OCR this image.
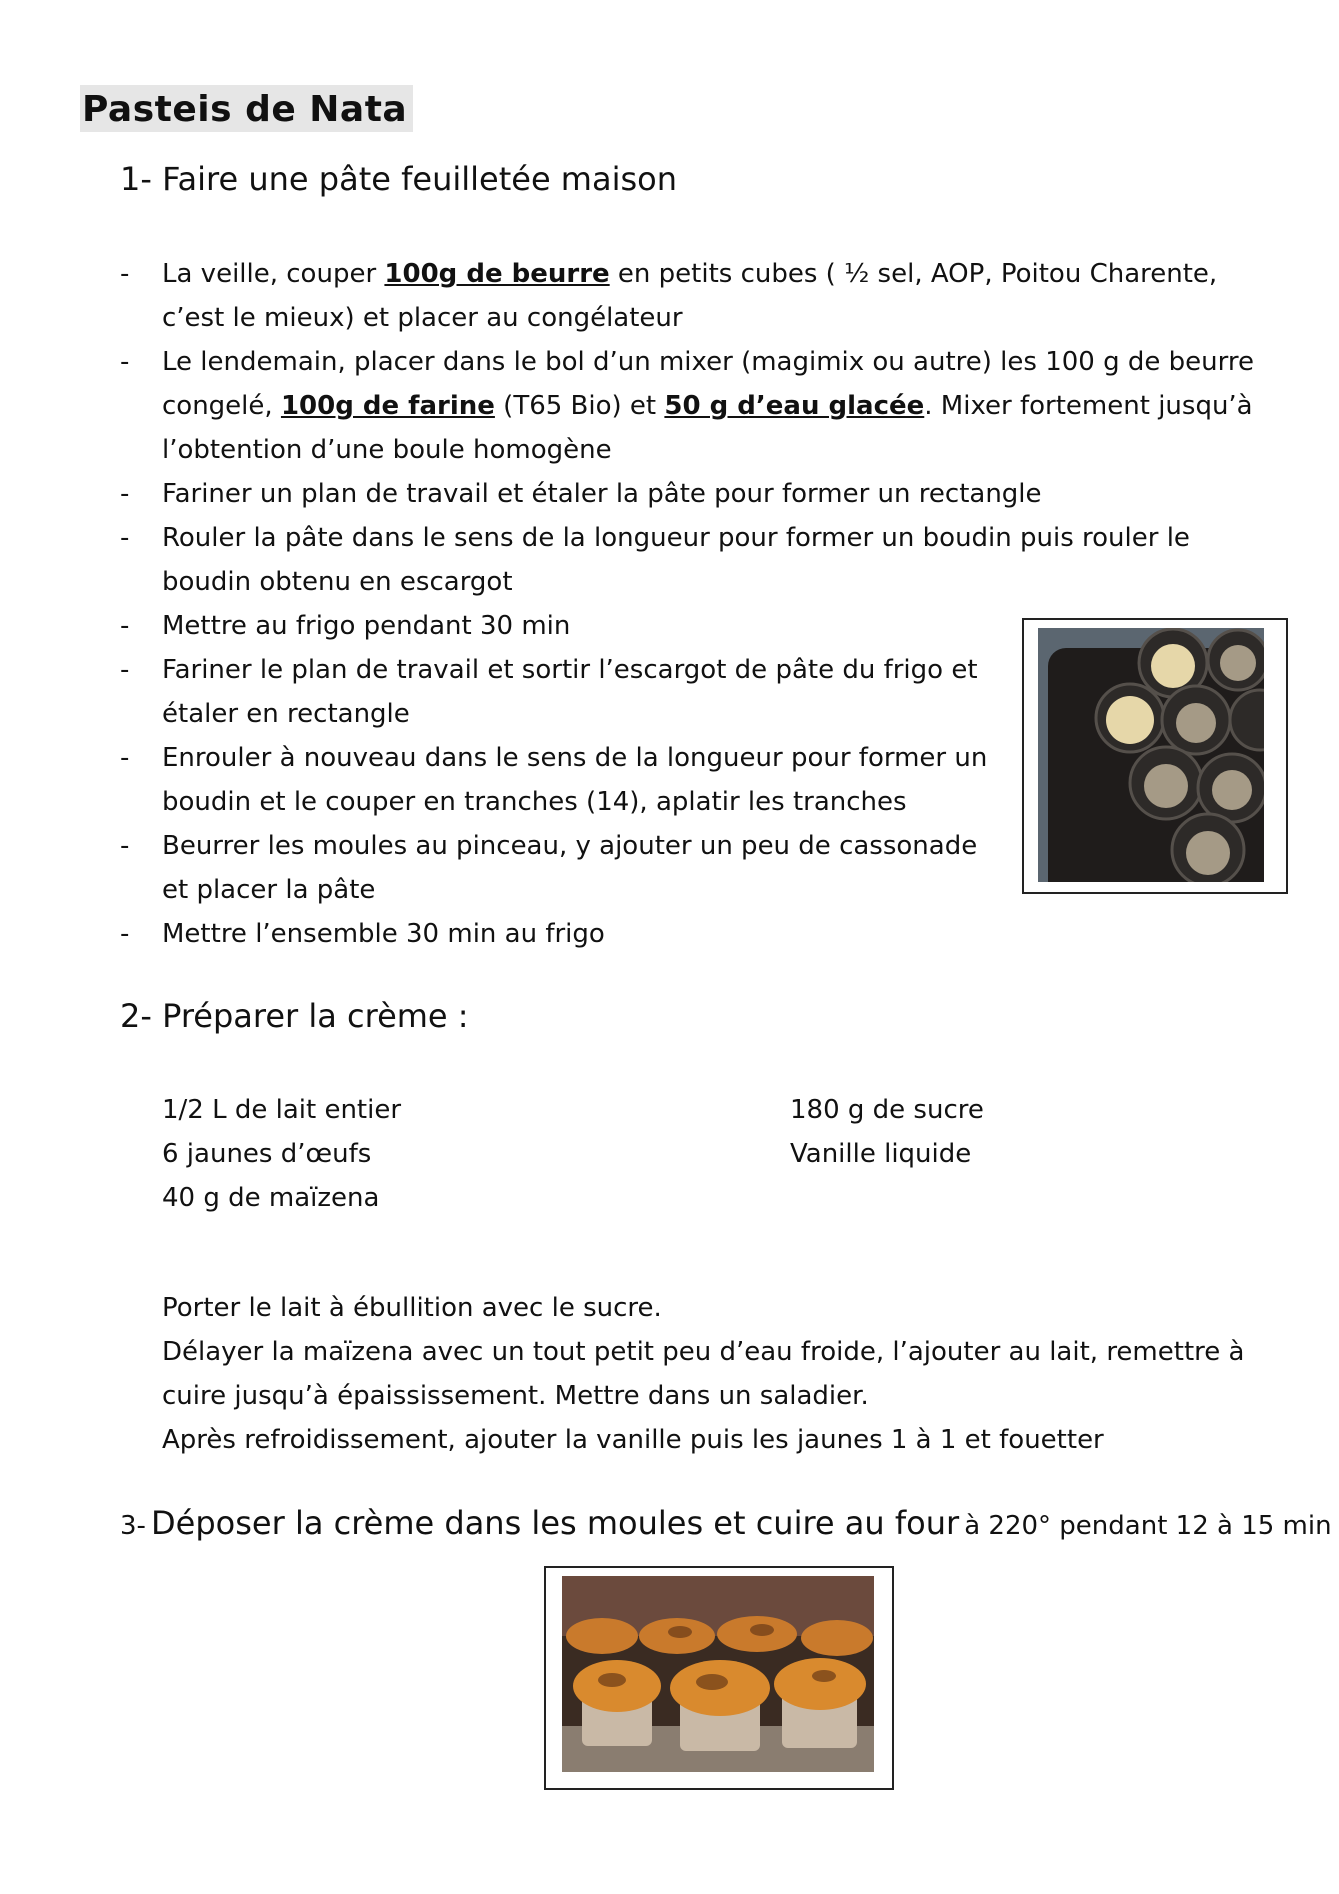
Pasteis de Nata
1- Faire une pâte feuilletée maison
- La veille, couper 100g de beurre en petits cubes ( ½ sel, AOP, Poitou Charente, c’est le mieux) et placer au congélateur
- Le lendemain, placer dans le bol d’un mixer (magimix ou autre) les 100 g de beurre congelé, 100g de farine (T65 Bio) et 50 g d’eau glacée. Mixer fortement jusqu’à l’obtention d’une boule homogène
- Fariner un plan de travail et étaler la pâte pour former un rectangle
- Rouler la pâte dans le sens de la longueur pour former un boudin puis rouler le boudin obtenu en escargot
- Mettre au frigo pendant 30 min
- Fariner le plan de travail et sortir l’escargot de pâte du frigo et étaler en rectangle
- Enrouler à nouveau dans le sens de la longueur pour former un boudin et le couper en tranches (14), aplatir les tranches
- Beurrer les moules au pinceau, y ajouter un peu de cassonade et placer la pâte
- Mettre l’ensemble 30 min au frigo
2- Préparer la crème :
1/2 L de lait entier
6 jaunes d’œufs
40 g de maïzena
180 g de sucre
Vanille liquide
Porter le lait à ébullition avec le sucre.
Délayer la maïzena avec un tout petit peu d’eau froide, l’ajouter au lait, remettre à cuire jusqu’à épaississement. Mettre dans un saladier.
Après refroidissement, ajouter la vanille puis les jaunes 1 à 1 et fouetter
3- Déposer la crème dans les moules et cuire au four à 220° pendant 12 à 15 min
